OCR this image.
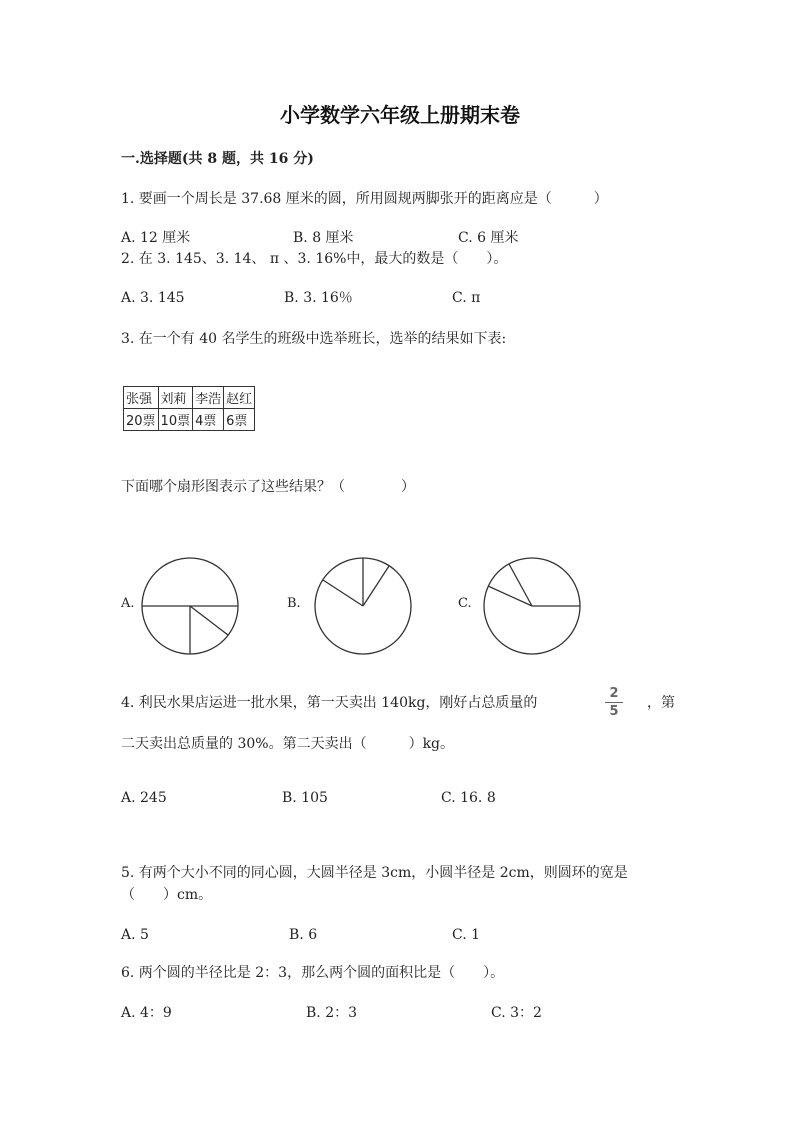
小学数学六年级上册期末卷
一.选择题(共 8 题，共 16 分)
1. 要画一个周长是 37.68 厘米的圆，所用圆规两脚张开的距离应是（　　　）
A. 12 厘米	B. 8 厘米	C. 6 厘米
2. 在 3. 145、3. 14、 π 、3. 16%中，最大的数是（　　）。
A. 3. 145	B. 3. 16％	C. π
3. 在一个有 40 名学生的班级中选举班长，选举的结果如下表:
张强	刘莉	李浩	赵红
20票	10票	4票	6票
下面哪个扇形图表示了这些结果？（　　　　）
A.	B.	C.
4. 利民水果店运进一批水果，第一天卖出 140kg，刚好占总质量的
2
5
，第
二天卖出总质量的 30%。第二天卖出（　　　）kg。
A. 245	B. 105	C. 16. 8
5. 有两个大小不同的同心圆，大圆半径是 3cm，小圆半径是 2cm，则圆环的宽是
（　　）cm。
A. 5	B. 6	C. 1
6. 两个圆的半径比是 2：3，那么两个圆的面积比是（　　）。
A. 4：9	B. 2：3	C. 3：2
